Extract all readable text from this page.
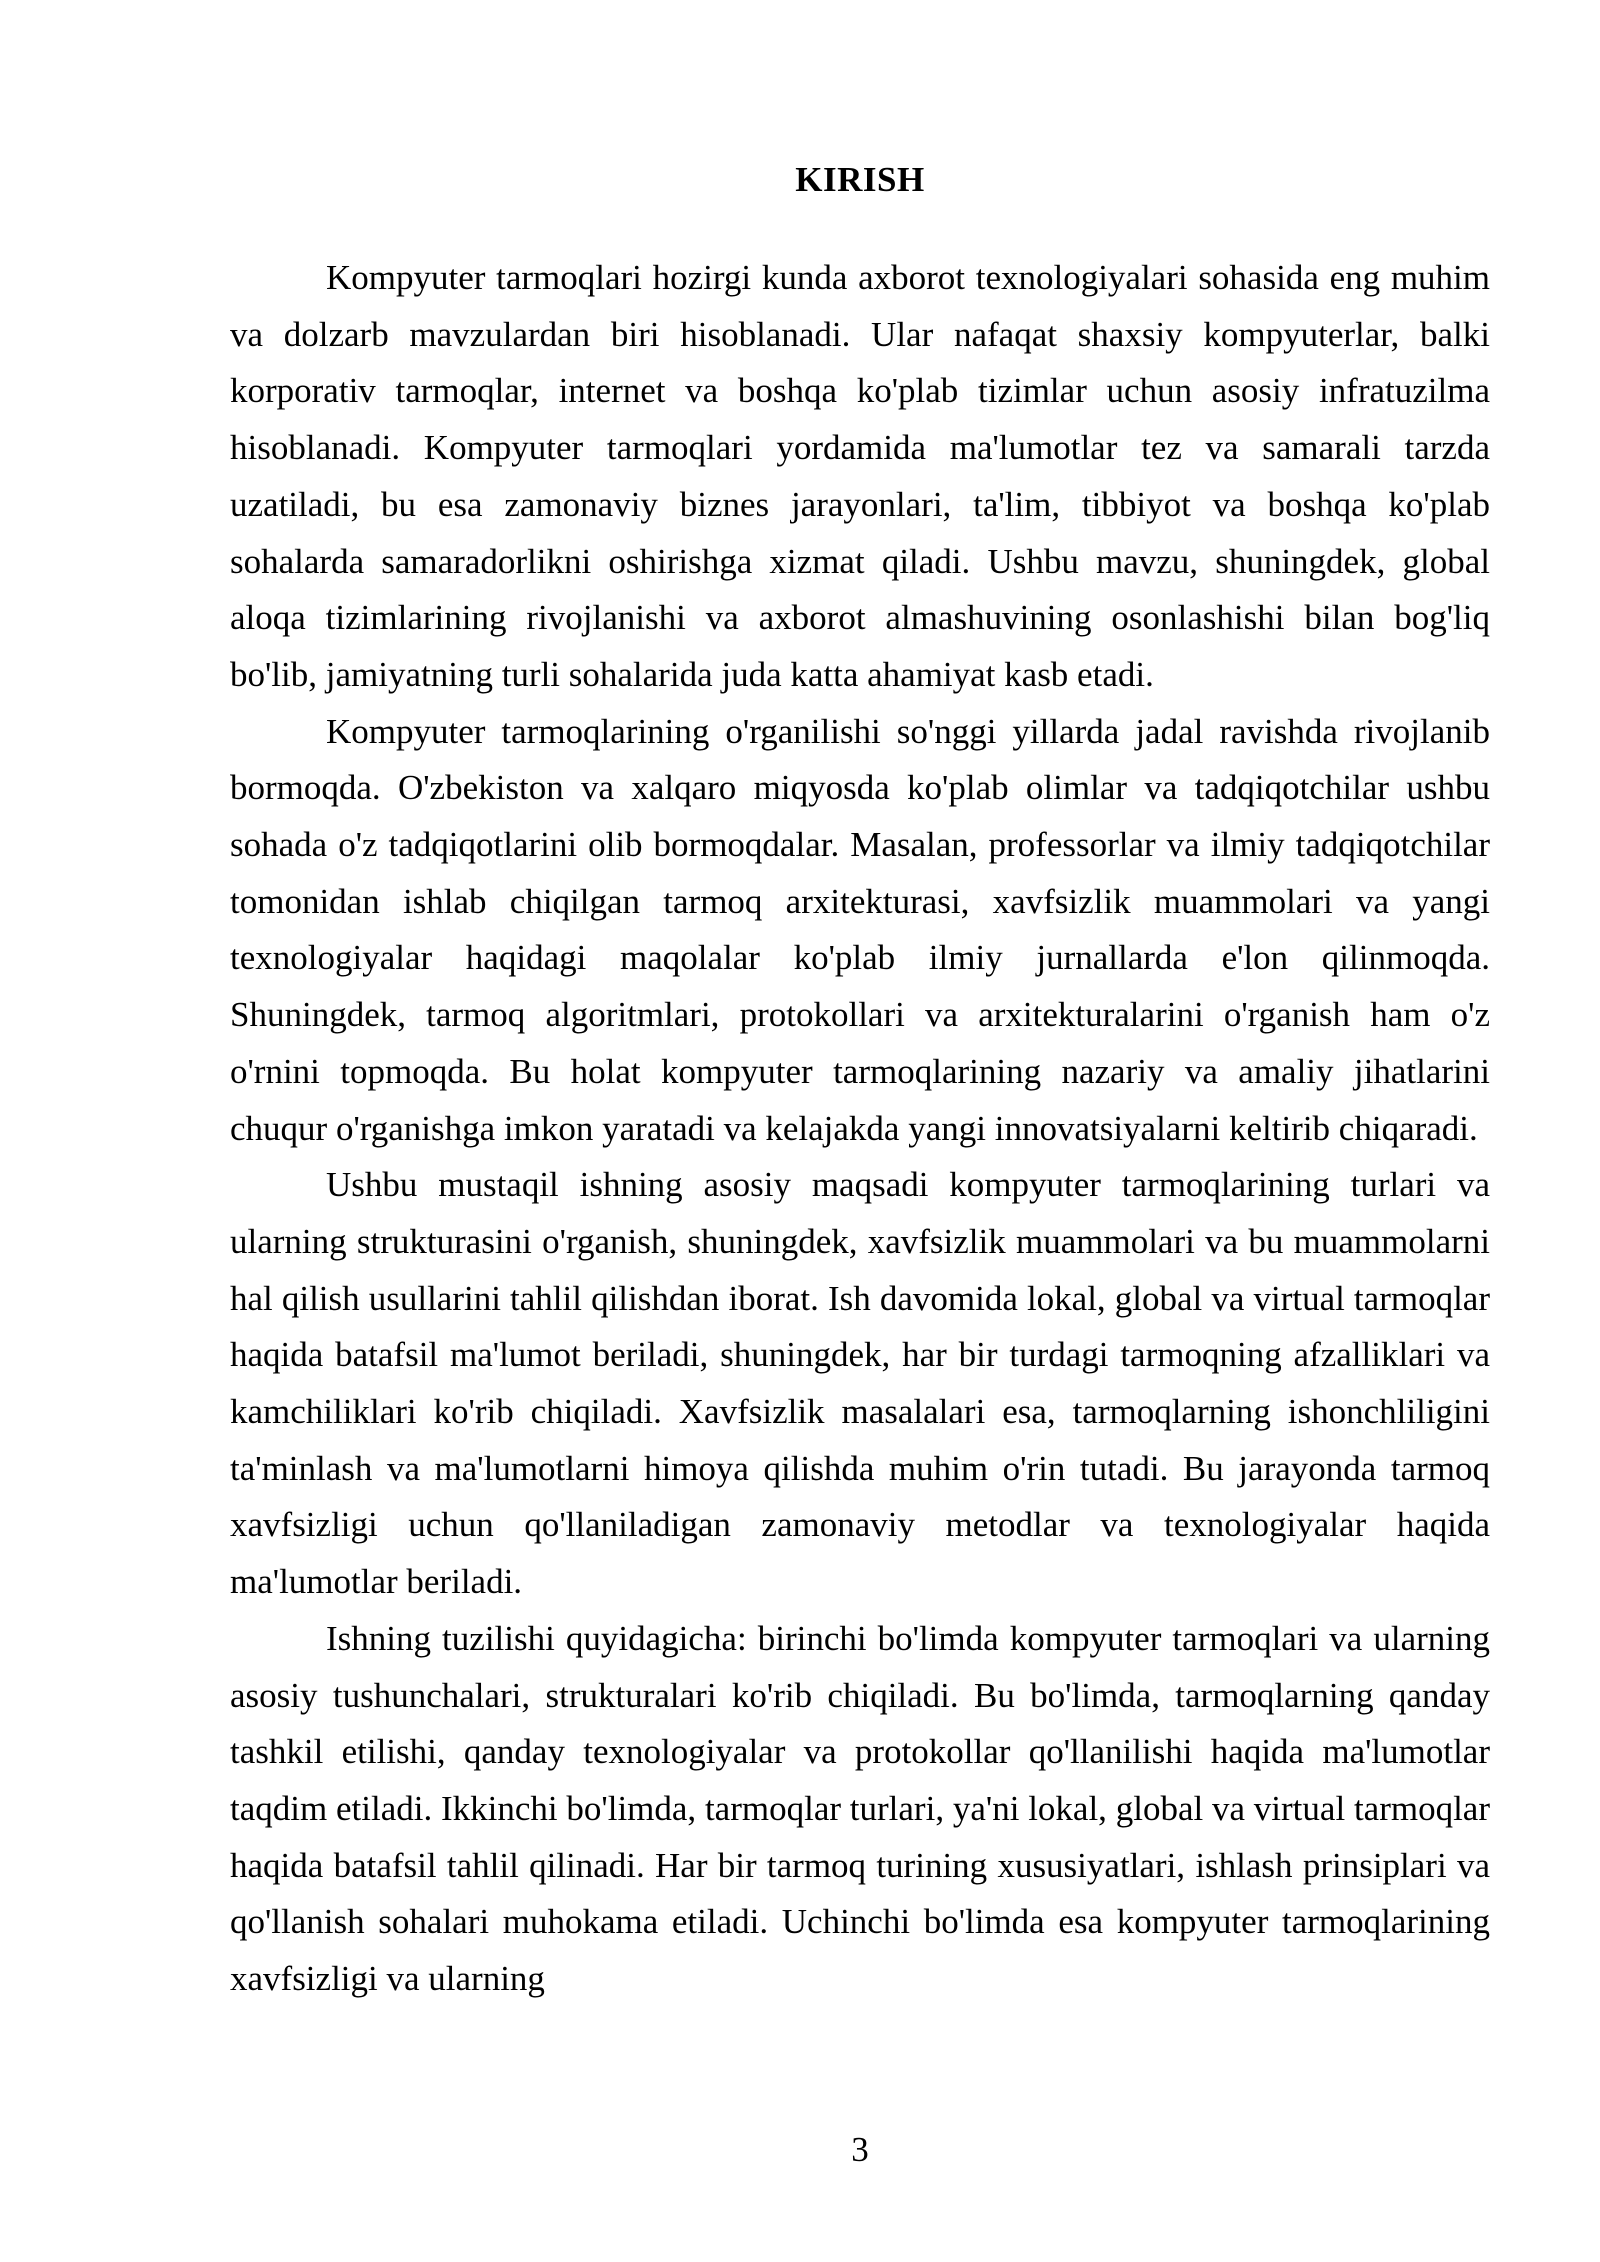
KIRISH

Kompyuter tarmoqlari hozirgi kunda axborot texnologiyalari sohasida eng muhim va dolzarb mavzulardan biri hisoblanadi. Ular nafaqat shaxsiy kompyuterlar, balki korporativ tarmoqlar, internet va boshqa ko'plab tizimlar uchun asosiy infratuzilma hisoblanadi. Kompyuter tarmoqlari yordamida ma'lumotlar tez va samarali tarzda uzatiladi, bu esa zamonaviy biznes jarayonlari, ta'lim, tibbiyot va boshqa ko'plab sohalarda samaradorlikni oshirishga xizmat qiladi. Ushbu mavzu, shuningdek, global aloqa tizimlarining rivojlanishi va axborot almashuvining osonlashishi bilan bog'liq bo'lib, jamiyatning turli sohalarida juda katta ahamiyat kasb etadi.

Kompyuter tarmoqlarining o'rganilishi so'nggi yillarda jadal ravishda rivojlanib bormoqda. O'zbekiston va xalqaro miqyosda ko'plab olimlar va tadqiqotchilar ushbu sohada o'z tadqiqotlarini olib bormoqdalar. Masalan, professorlar va ilmiy tadqiqotchilar tomonidan ishlab chiqilgan tarmoq arxitekturasi, xavfsizlik muammolari va yangi texnologiyalar haqidagi maqolalar ko'plab ilmiy jurnallarda e'lon qilinmoqda. Shuningdek, tarmoq algoritmlari, protokollari va arxitekturalarini o'rganish ham o'z o'rnini topmoqda. Bu holat kompyuter tarmoqlarining nazariy va amaliy jihatlarini chuqur o'rganishga imkon yaratadi va kelajakda yangi innovatsiyalarni keltirib chiqaradi.

Ushbu mustaqil ishning asosiy maqsadi kompyuter tarmoqlarining turlari va ularning strukturasini o'rganish, shuningdek, xavfsizlik muammolari va bu muammolarni hal qilish usullarini tahlil qilishdan iborat. Ish davomida lokal, global va virtual tarmoqlar haqida batafsil ma'lumot beriladi, shuningdek, har bir turdagi tarmoqning afzalliklari va kamchiliklari ko'rib chiqiladi. Xavfsizlik masalalari esa, tarmoqlarning ishonchliligini ta'minlash va ma'lumotlarni himoya qilishda muhim o'rin tutadi. Bu jarayonda tarmoq xavfsizligi uchun qo'llaniladigan zamonaviy metodlar va texnologiyalar haqida ma'lumotlar beriladi.

Ishning tuzilishi quyidagicha: birinchi bo'limda kompyuter tarmoqlari va ularning asosiy tushunchalari, strukturalari ko'rib chiqiladi. Bu bo'limda, tarmoqlarning qanday tashkil etilishi, qanday texnologiyalar va protokollar qo'llanilishi haqida ma'lumotlar taqdim etiladi. Ikkinchi bo'limda, tarmoqlar turlari, ya'ni lokal, global va virtual tarmoqlar haqida batafsil tahlil qilinadi. Har bir tarmoq turining xususiyatlari, ishlash prinsiplari va qo'llanish sohalari muhokama etiladi. Uchinchi bo'limda esa kompyuter tarmoqlarining xavfsizligi va ularning

3
